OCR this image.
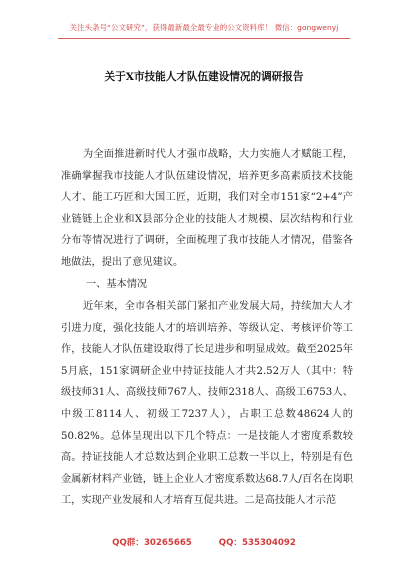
关注头条号“公文研究”，获得最新最全最专业的公文资料库！ 微信：gongwenyj
关于X市技能人才队伍建设情况的调研报告
为全面推进新时代人才强市战略，大力实施人才赋能工程，准确掌握我市技能人才队伍建设情况，培养更多高素质技术技能人才、能工巧匠和大国工匠，近期，我们对全市151家“2+4”产业链链上企业和X县部分企业的技能人才规模、层次结构和行业分布等情况进行了调研，全面梳理了我市技能人才情况，借鉴各地做法，提出了意见建议。
一、基本情况
近年来，全市各相关部门紧扣产业发展大局，持续加大人才引进力度，强化技能人才的培训培养、等级认定、考核评价等工作，技能人才队伍建设取得了长足进步和明显成效。截至2025年5月底，151家调研企业中持证技能人才共2.52万人（其中：特级技师31人、高级技师767人、技师2318人、高级工6753人、中级工8114人、初级工7237人），占职工总数48624人的50.82%。总体呈现出以下几个特点：一是技能人才密度系数较高。持证技能人才总数达到企业职工总数一半以上，特别是有色金属新材料产业链，链上企业人才密度系数达68.7人/百名在岗职工，实现产业发展和人才培育互促共进。二是高技能人才示范
QQ群：30265665	QQ：535304092
